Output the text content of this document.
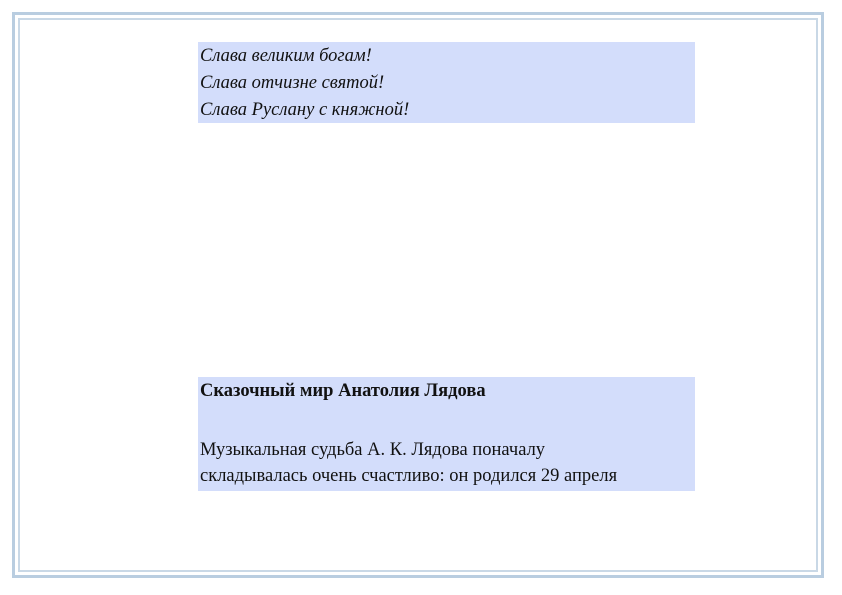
Слава великим богам!
Слава отчизне святой!
Слава Руслану с княжной!
Сказочный мир Анатолия Лядова
Музыкальная судьба А. К. Лядова поначалу
складывалась очень счастливо: он родился 29 апреля
